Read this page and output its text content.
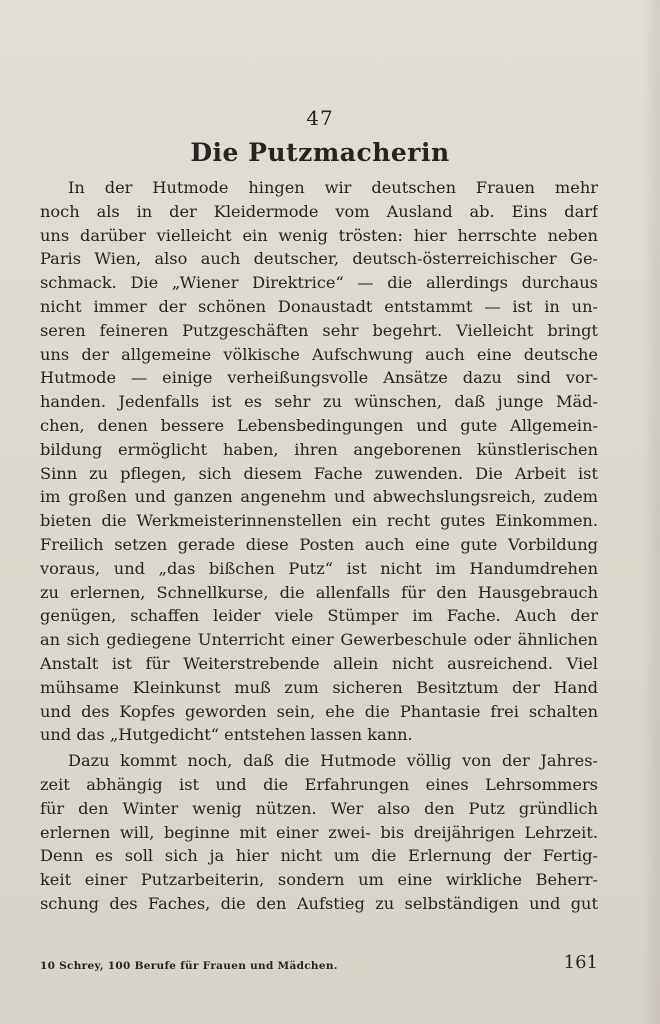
47
Die Putzmacherin
In der Hutmode hingen wir deutschen Frauen mehr
noch als in der Kleidermode vom Ausland ab. Eins darf
uns darüber vielleicht ein wenig trösten: hier herrschte neben
Paris Wien, also auch deutscher, deutsch-österreichischer Ge-
schmack. Die „Wiener Direktrice“ — die allerdings durchaus
nicht immer der schönen Donaustadt entstammt — ist in un-
seren feineren Putzgeschäften sehr begehrt. Vielleicht bringt
uns der allgemeine völkische Aufschwung auch eine deutsche
Hutmode — einige verheißungsvolle Ansätze dazu sind vor-
handen. Jedenfalls ist es sehr zu wünschen, daß junge Mäd-
chen, denen bessere Lebensbedingungen und gute Allgemein-
bildung ermöglicht haben, ihren angeborenen künstlerischen
Sinn zu pflegen, sich diesem Fache zuwenden. Die Arbeit ist
im großen und ganzen angenehm und abwechslungsreich, zudem
bieten die Werkmeisterinnenstellen ein recht gutes Einkommen.
Freilich setzen gerade diese Posten auch eine gute Vorbildung
voraus, und „das bißchen Putz“ ist nicht im Handumdrehen
zu erlernen, Schnellkurse, die allenfalls für den Hausgebrauch
genügen, schaffen leider viele Stümper im Fache. Auch der
an sich gediegene Unterricht einer Gewerbeschule oder ähnlichen
Anstalt ist für Weiterstrebende allein nicht ausreichend. Viel
mühsame Kleinkunst muß zum sicheren Besitztum der Hand
und des Kopfes geworden sein, ehe die Phantasie frei schalten
und das „Hutgedicht“ entstehen lassen kann.
Dazu kommt noch, daß die Hutmode völlig von der Jahres-
zeit abhängig ist und die Erfahrungen eines Lehrsommers
für den Winter wenig nützen. Wer also den Putz gründlich
erlernen will, beginne mit einer zwei- bis dreijährigen Lehrzeit.
Denn es soll sich ja hier nicht um die Erlernung der Fertig-
keit einer Putzarbeiterin, sondern um eine wirkliche Beherr-
schung des Faches, die den Aufstieg zu selbständigen und gut
10 Schrey, 100 Berufe für Frauen und Mädchen.	161
